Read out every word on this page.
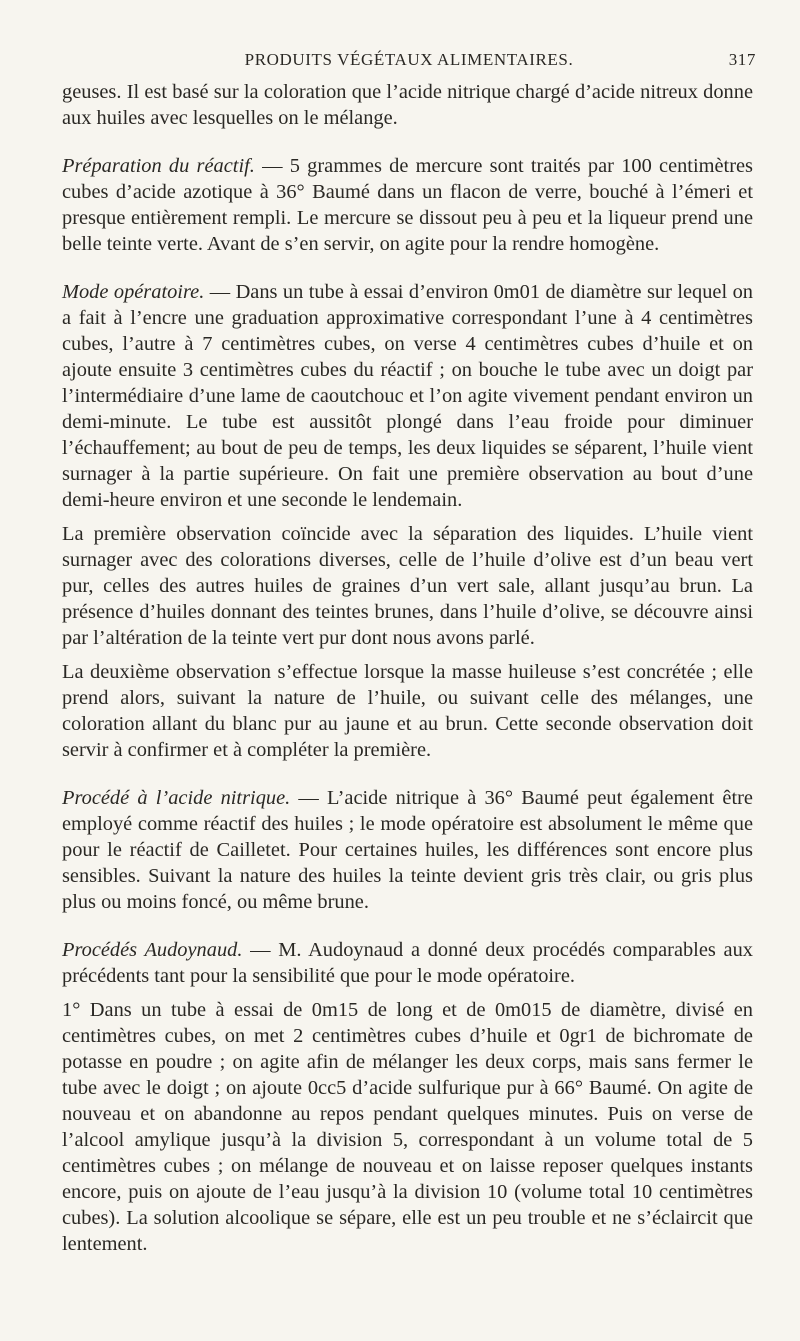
PRODUITS VÉGÉTAUX ALIMENTAIRES.	317

geuses. Il est basé sur la coloration que l’acide nitrique chargé d’acide nitreux donne aux huiles avec lesquelles on le mélange.

Préparation du réactif. — 5 grammes de mercure sont traités par 100 centimètres cubes d’acide azotique à 36° Baumé dans un flacon de verre, bouché à l’émeri et presque entièrement rempli. Le mercure se dissout peu à peu et la liqueur prend une belle teinte verte. Avant de s’en servir, on agite pour la rendre homogène.

Mode opératoire. — Dans un tube à essai d’environ 0m01 de diamètre sur lequel on a fait à l’encre une graduation approximative correspondant l’une à 4 centimètres cubes, l’autre à 7 centimètres cubes, on verse 4 centimètres cubes d’huile et on ajoute ensuite 3 centimètres cubes du réactif ; on bouche le tube avec un doigt par l’intermédiaire d’une lame de caoutchouc et l’on agite vivement pendant environ un demi-minute. Le tube est aussitôt plongé dans l’eau froide pour diminuer l’échauffement; au bout de peu de temps, les deux liquides se séparent, l’huile vient surnager à la partie supérieure. On fait une première observation au bout d’une demi-heure environ et une seconde le lendemain.

La première observation coïncide avec la séparation des liquides. L’huile vient surnager avec des colorations diverses, celle de l’huile d’olive est d’un beau vert pur, celles des autres huiles de graines d’un vert sale, allant jusqu’au brun. La présence d’huiles donnant des teintes brunes, dans l’huile d’olive, se découvre ainsi par l’altération de la teinte vert pur dont nous avons parlé.

La deuxième observation s’effectue lorsque la masse huileuse s’est concrétée ; elle prend alors, suivant la nature de l’huile, ou suivant celle des mélanges, une coloration allant du blanc pur au jaune et au brun. Cette seconde observation doit servir à confirmer et à compléter la première.

Procédé à l’acide nitrique. — L’acide nitrique à 36° Baumé peut également être employé comme réactif des huiles ; le mode opératoire est absolument le même que pour le réactif de Cailletet. Pour certaines huiles, les différences sont encore plus sensibles. Suivant la nature des huiles la teinte devient gris très clair, ou gris plus plus ou moins foncé, ou même brune.

Procédés Audoynaud. — M. Audoynaud a donné deux procédés comparables aux précédents tant pour la sensibilité que pour le mode opératoire.

1° Dans un tube à essai de 0m15 de long et de 0m015 de diamètre, divisé en centimètres cubes, on met 2 centimètres cubes d’huile et 0gr1 de bichromate de potasse en poudre ; on agite afin de mélanger les deux corps, mais sans fermer le tube avec le doigt ; on ajoute 0cc5 d’acide sulfurique pur à 66° Baumé. On agite de nouveau et on abandonne au repos pendant quelques minutes. Puis on verse de l’alcool amylique jusqu’à la division 5, correspondant à un volume total de 5 centimètres cubes ; on mélange de nouveau et on laisse reposer quelques instants encore, puis on ajoute de l’eau jusqu’à la division 10 (volume total 10 centimètres cubes). La solution alcoolique se sépare, elle est un peu trouble et ne s’éclaircit que lentement.
